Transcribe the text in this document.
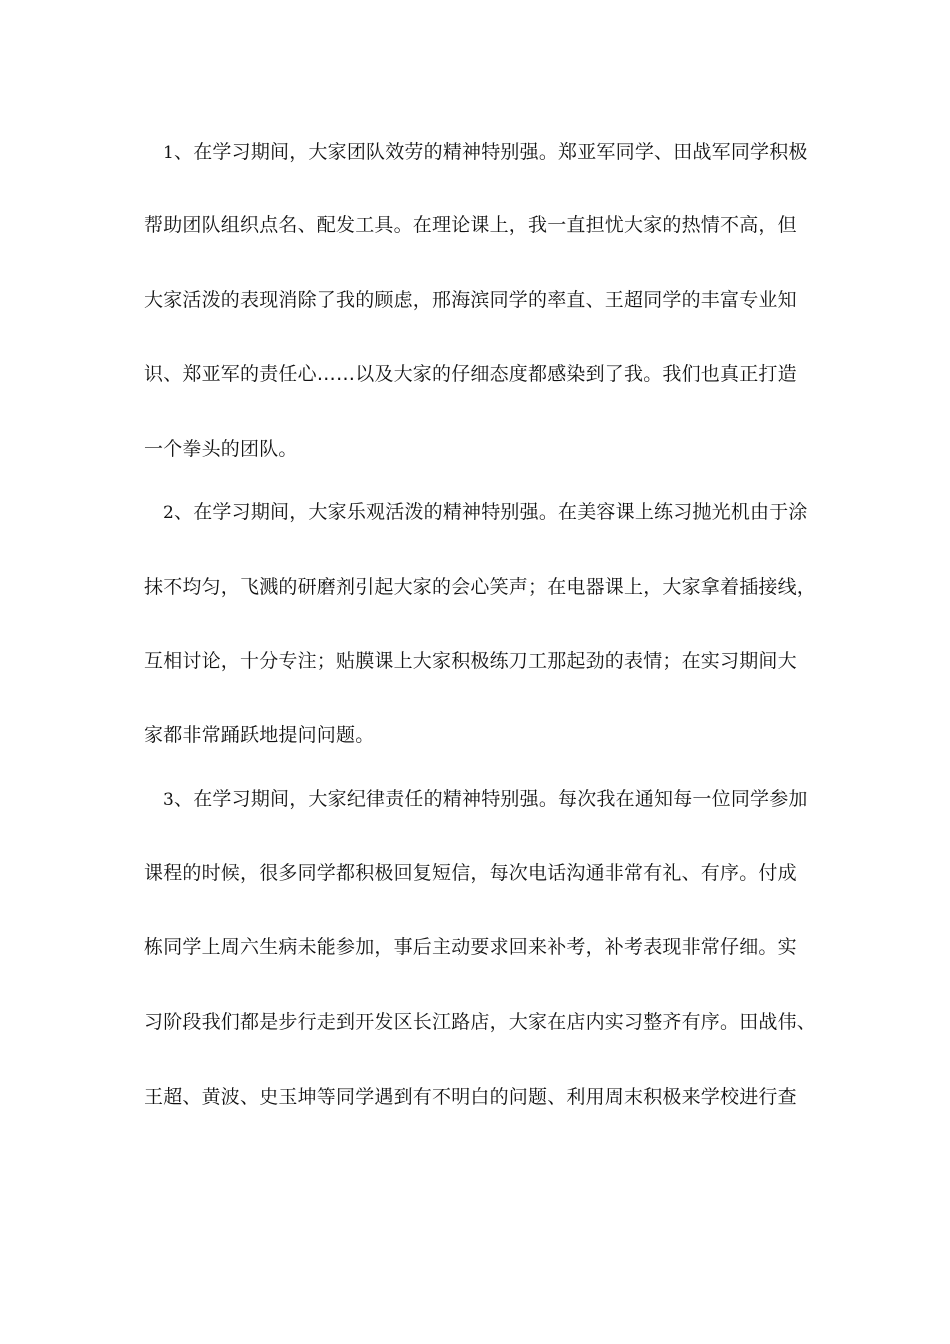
1、在学习期间，大家团队效劳的精神特别强。郑亚军同学、田战军同学积极
帮助团队组织点名、配发工具。在理论课上，我一直担忧大家的热情不高，但
大家活泼的表现消除了我的顾虑，邢海滨同学的率直、王超同学的丰富专业知
识、郑亚军的责任心……以及大家的仔细态度都感染到了我。我们也真正打造
一个拳头的团队。
2、在学习期间，大家乐观活泼的精神特别强。在美容课上练习抛光机由于涂
抹不均匀，飞溅的研磨剂引起大家的会心笑声；在电器课上，大家拿着插接线，
互相讨论，十分专注；贴膜课上大家积极练刀工那起劲的表情；在实习期间大
家都非常踊跃地提问问题。
3、在学习期间，大家纪律责任的精神特别强。每次我在通知每一位同学参加
课程的时候，很多同学都积极回复短信，每次电话沟通非常有礼、有序。付成
栋同学上周六生病未能参加，事后主动要求回来补考，补考表现非常仔细。实
习阶段我们都是步行走到开发区长江路店，大家在店内实习整齐有序。田战伟、
王超、黄波、史玉坤等同学遇到有不明白的问题、利用周末积极来学校进行查
